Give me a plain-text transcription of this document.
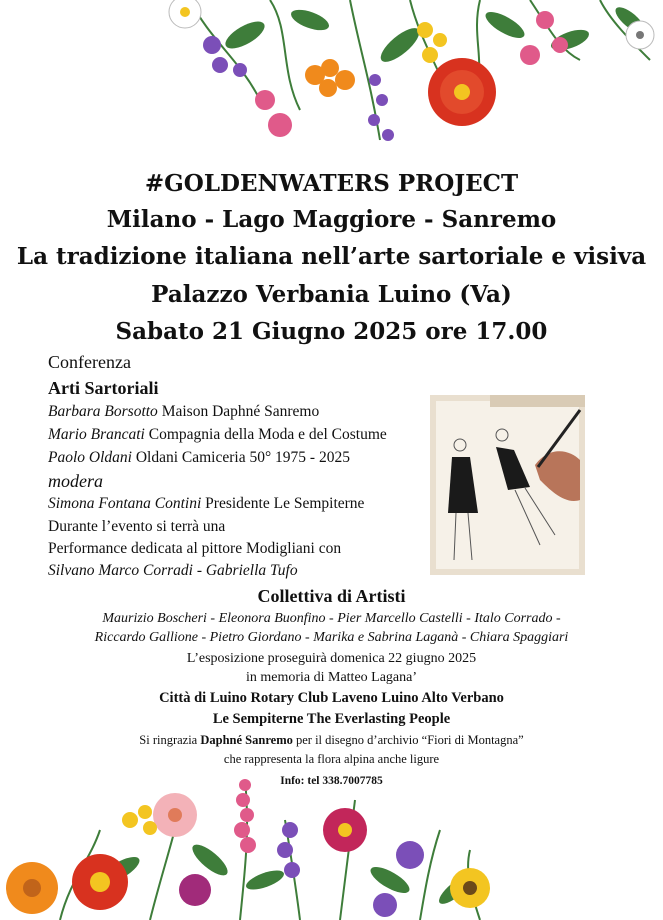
#GOLDENWATERS PROJECT
Milano - Lago Maggiore - Sanremo
La tradizione italiana nell’arte sartoriale e visiva
Palazzo Verbania Luino (Va)
Sabato 21 Giugno 2025 ore 17.00
Conferenza
Arti Sartoriali
Barbara Borsotto Maison Daphné Sanremo
Mario Brancati Compagnia della Moda e del Costume
Paolo Oldani Oldani Camiceria 50° 1975 - 2025
modera
Simona Fontana Contini Presidente Le Sempiterne
Durante l’evento si terrà una
Performance dedicata al pittore Modigliani con
Silvano Marco Corradi - Gabriella Tufo
Collettiva di Artisti
Maurizio Boscheri - Eleonora Buonfino - Pier Marcello Castelli - Italo Corrado -
Riccardo Gallione - Pietro Giordano - Marika e Sabrina Laganà - Chiara Spaggiari
L’esposizione proseguirà domenica 22 giugno 2025
in memoria di Matteo Lagana’
Città di Luino Rotary Club Laveno Luino Alto Verbano
Le Sempiterne The Everlasting People
Si ringrazia Daphné Sanremo per il disegno d’archivio “Fiori di Montagna”
che rappresenta la flora alpina anche ligure
Info: tel 338.7007785
